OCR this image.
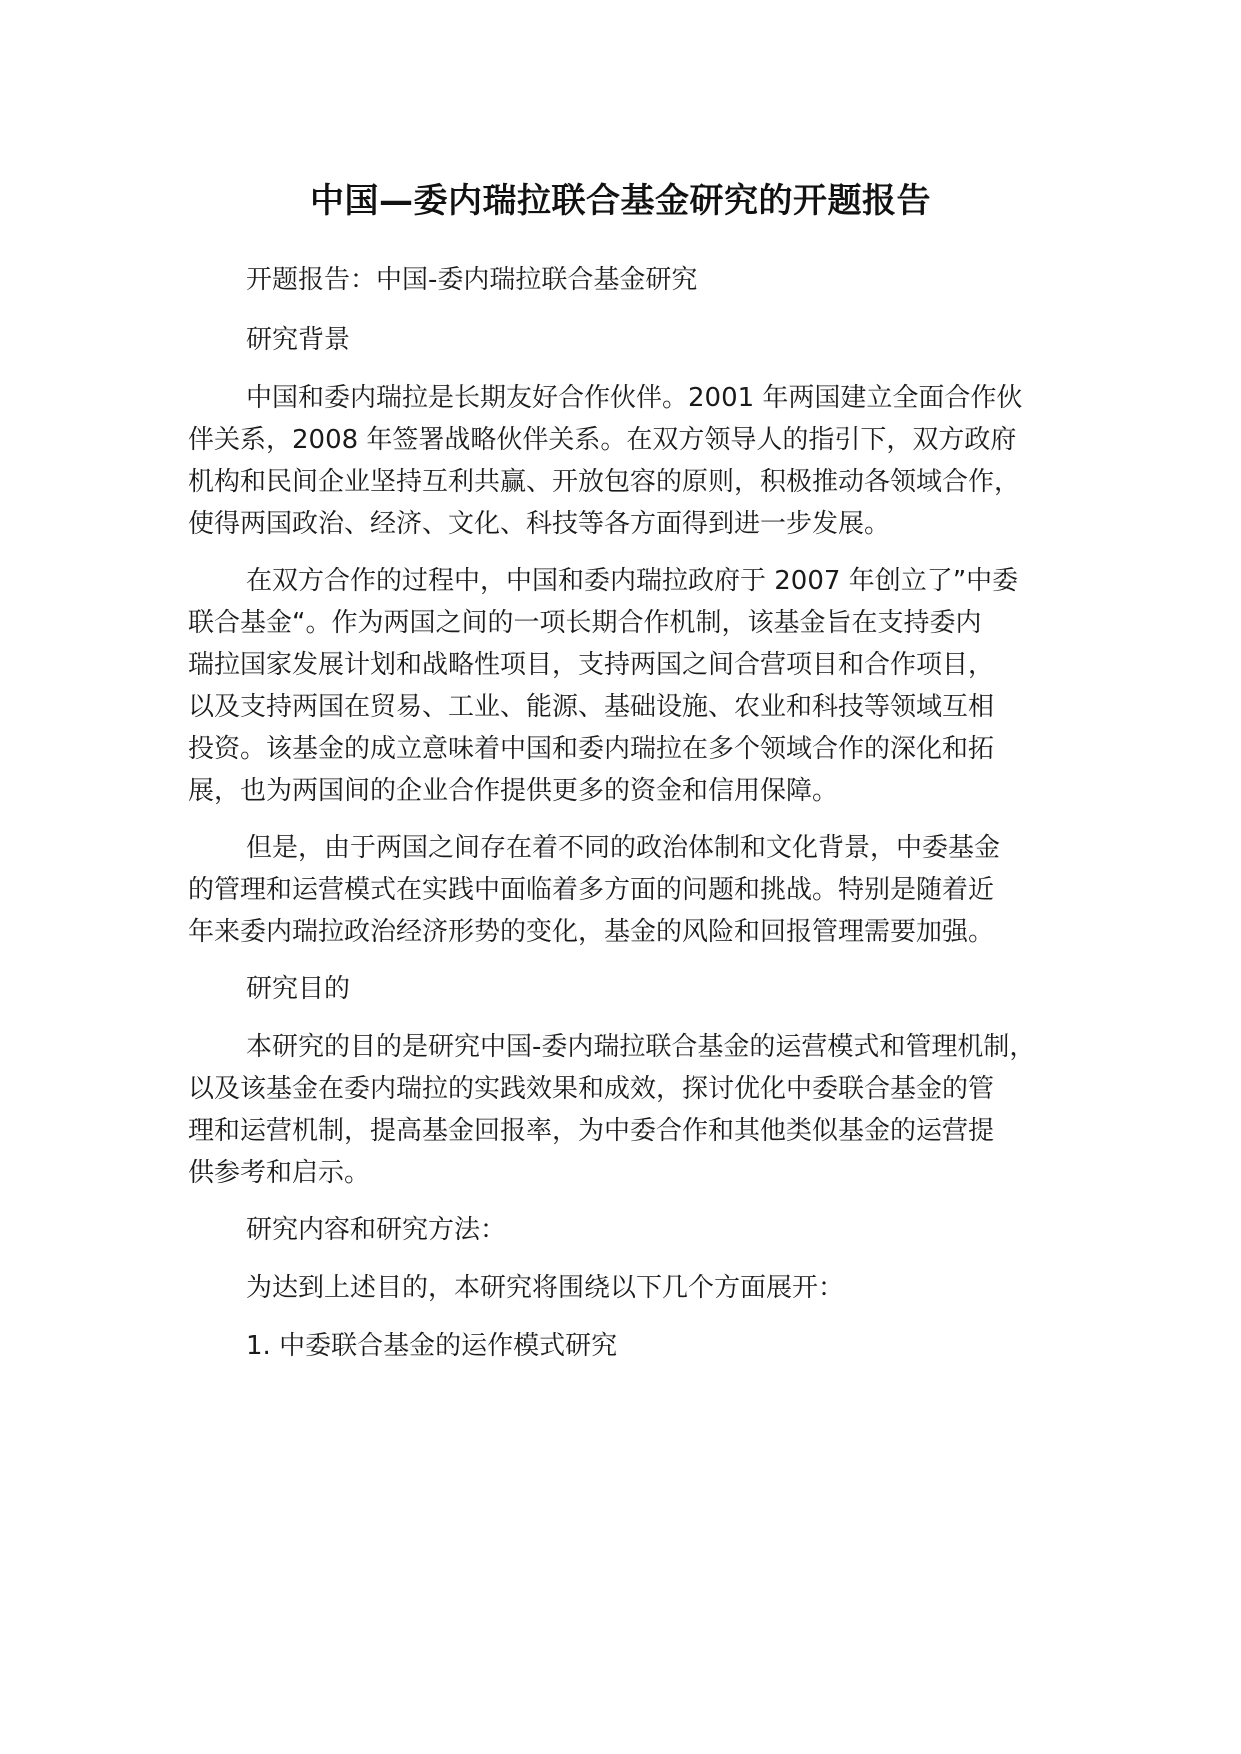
中国—委内瑞拉联合基金研究的开题报告
开题报告：中国-委内瑞拉联合基金研究
研究背景
中国和委内瑞拉是长期友好合作伙伴。2001 年两国建立全面合作伙
伴关系，2008 年签署战略伙伴关系。在双方领导人的指引下，双方政府
机构和民间企业坚持互利共赢、开放包容的原则，积极推动各领域合作，
使得两国政治、经济、文化、科技等各方面得到进一步发展。
在双方合作的过程中，中国和委内瑞拉政府于 2007 年创立了”中委
联合基金“。作为两国之间的一项长期合作机制，该基金旨在支持委内
瑞拉国家发展计划和战略性项目，支持两国之间合营项目和合作项目，
以及支持两国在贸易、工业、能源、基础设施、农业和科技等领域互相
投资。该基金的成立意味着中国和委内瑞拉在多个领域合作的深化和拓
展，也为两国间的企业合作提供更多的资金和信用保障。
但是，由于两国之间存在着不同的政治体制和文化背景，中委基金
的管理和运营模式在实践中面临着多方面的问题和挑战。特别是随着近
年来委内瑞拉政治经济形势的变化，基金的风险和回报管理需要加强。
研究目的
本研究的目的是研究中国-委内瑞拉联合基金的运营模式和管理机制，
以及该基金在委内瑞拉的实践效果和成效，探讨优化中委联合基金的管
理和运营机制，提高基金回报率，为中委合作和其他类似基金的运营提
供参考和启示。
研究内容和研究方法：
为达到上述目的，本研究将围绕以下几个方面展开：
1. 中委联合基金的运作模式研究
